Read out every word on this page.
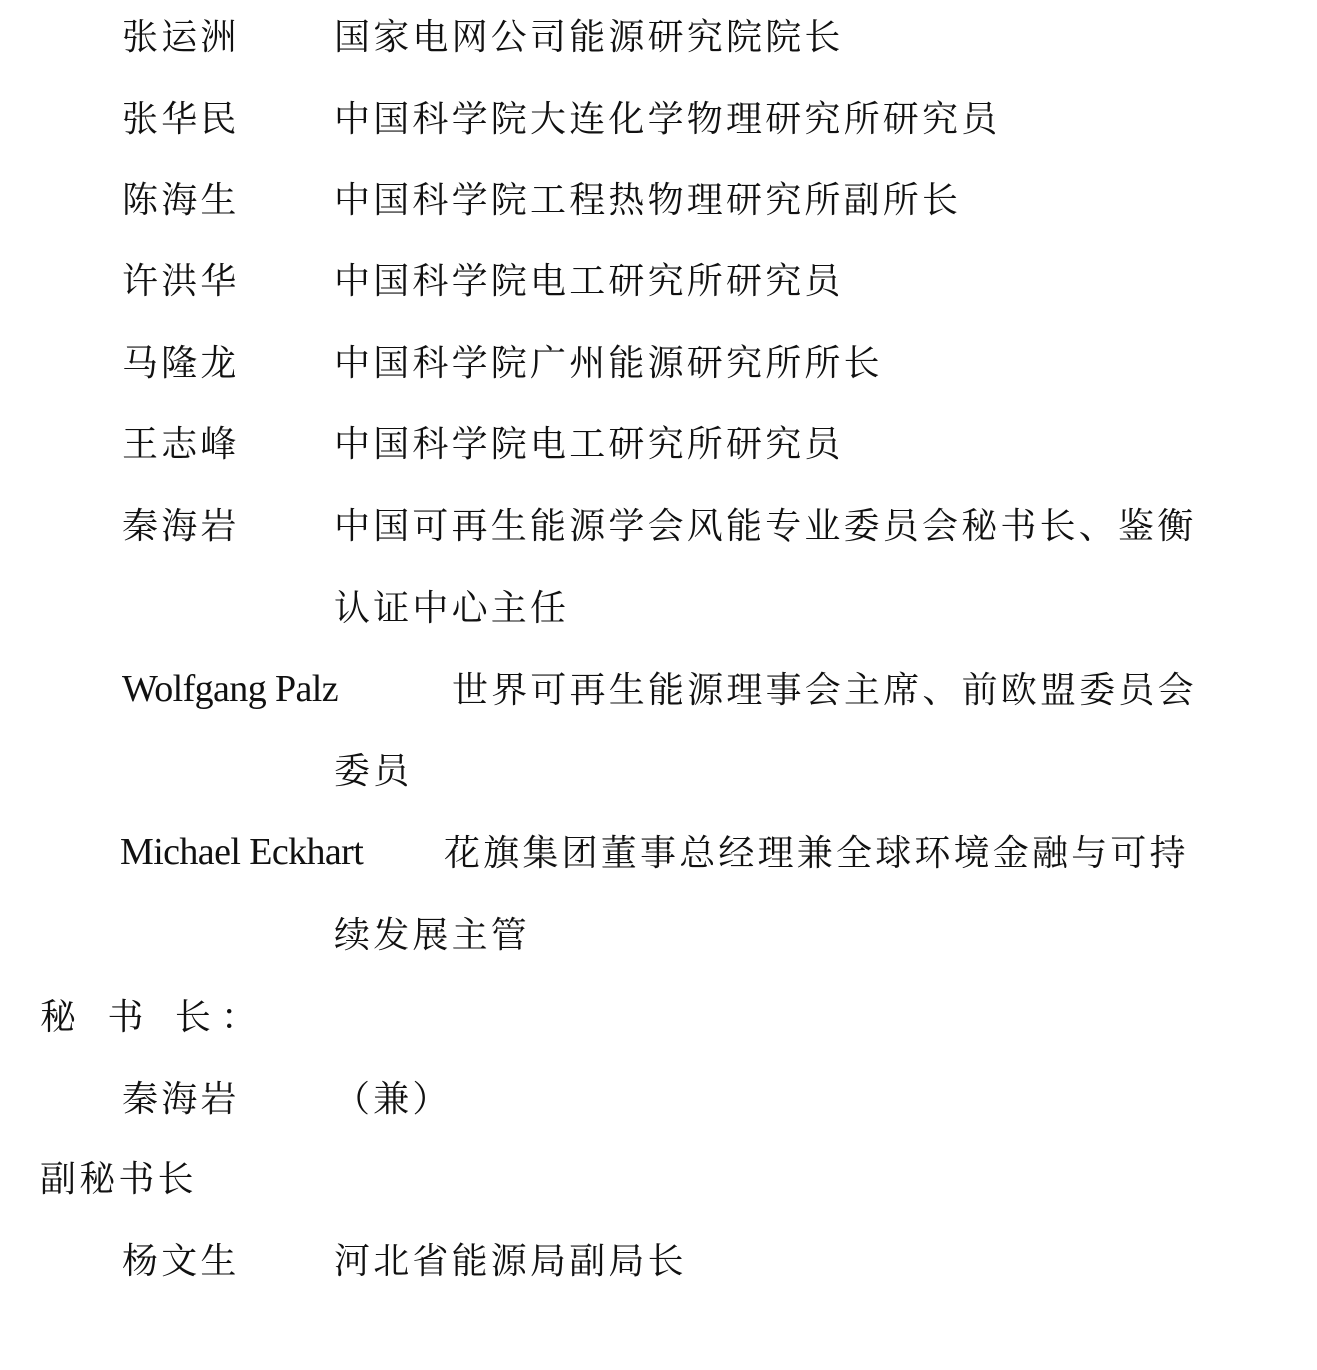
张运洲	国家电网公司能源研究院院长
张华民	中国科学院大连化学物理研究所研究员
陈海生	中国科学院工程热物理研究所副所长
许洪华	中国科学院电工研究所研究员
马隆龙	中国科学院广州能源研究所所长
王志峰	中国科学院电工研究所研究员
秦海岩	中国可再生能源学会风能专业委员会秘书长、鉴衡
认证中心主任
Wolfgang Palz	世界可再生能源理事会主席、前欧盟委员会
委员
Michael Eckhart 花旗集团董事总经理兼全球环境金融与可持
续发展主管
秘 书 长：
秦海岩	（兼）
副秘书长
杨文生	河北省能源局副局长
